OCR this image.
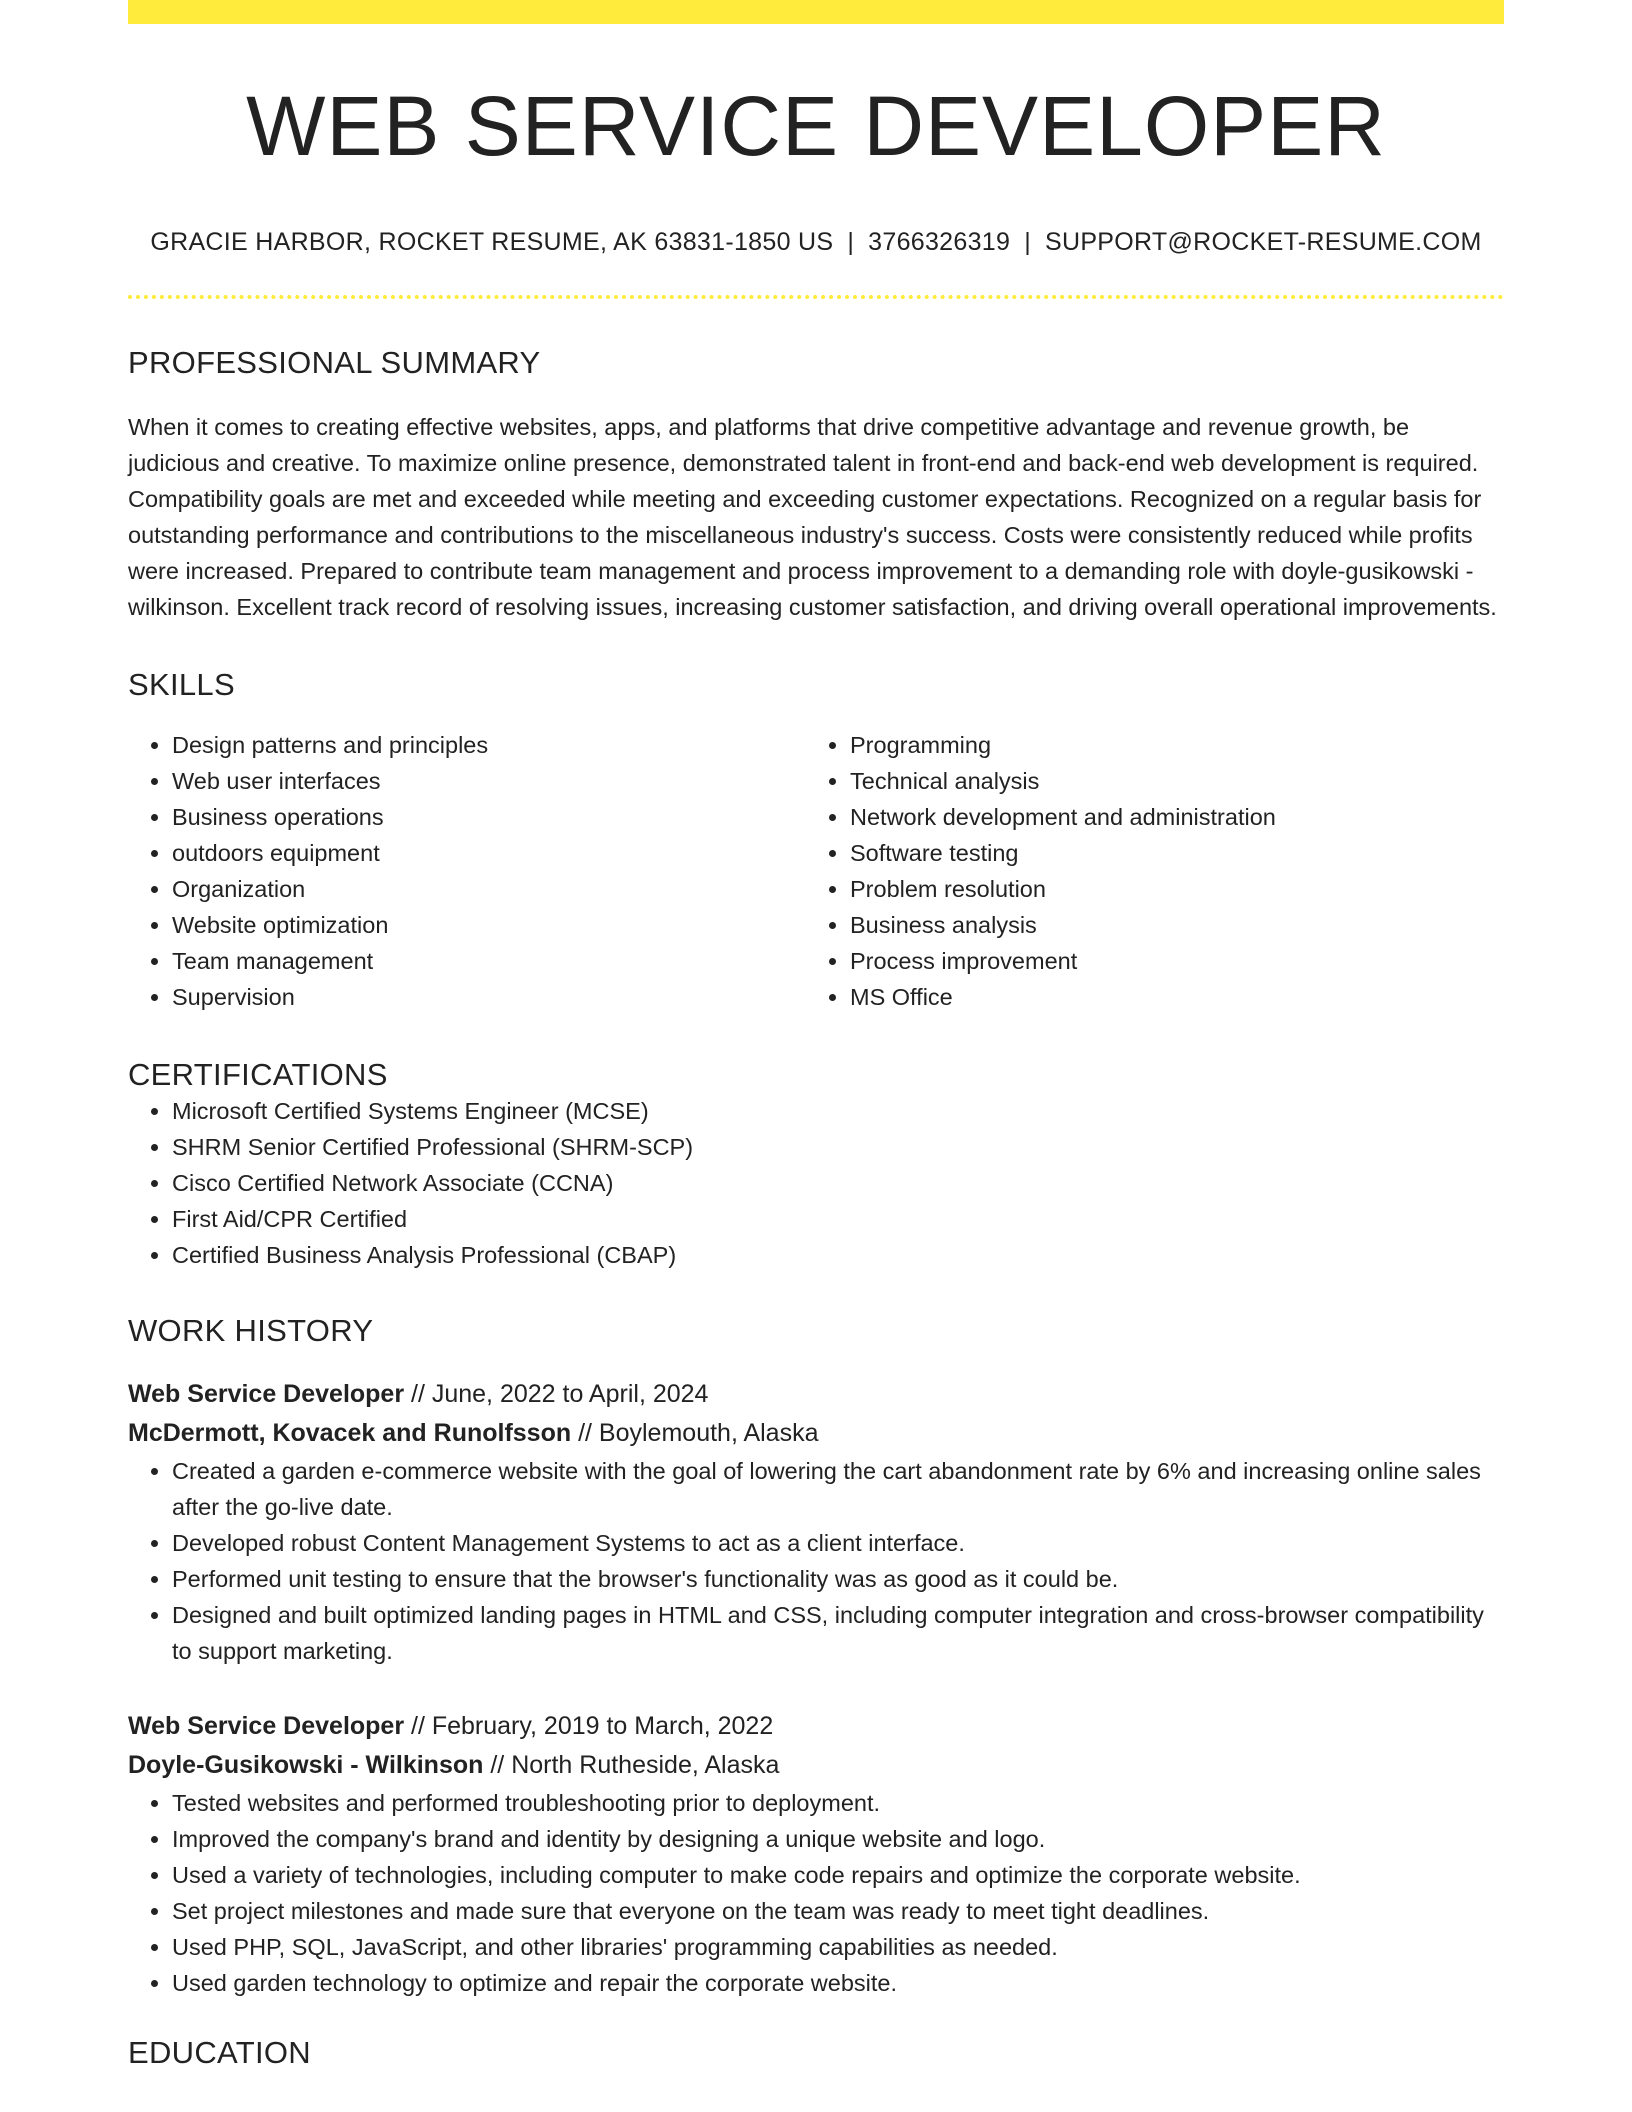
WEB SERVICE DEVELOPER
GRACIE HARBOR, ROCKET RESUME, AK 63831-1850 US | 3766326319 | SUPPORT@ROCKET-RESUME.COM
PROFESSIONAL SUMMARY

When it comes to creating effective websites, apps, and platforms that drive competitive advantage and revenue growth, be judicious and creative. To maximize online presence, demonstrated talent in front-end and back-end web development is required. Compatibility goals are met and exceeded while meeting and exceeding customer expectations. Recognized on a regular basis for outstanding performance and contributions to the miscellaneous industry's success. Costs were consistently reduced while profits were increased. Prepared to contribute team management and process improvement to a demanding role with doyle-gusikowski - wilkinson. Excellent track record of resolving issues, increasing customer satisfaction, and driving overall operational improvements.

SKILLS
• Design patterns and principles
• Web user interfaces
• Business operations
• outdoors equipment
• Organization
• Website optimization
• Team management
• Supervision
• Programming
• Technical analysis
• Network development and administration
• Software testing
• Problem resolution
• Business analysis
• Process improvement
• MS Office
CERTIFICATIONS
• Microsoft Certified Systems Engineer (MCSE)
• SHRM Senior Certified Professional (SHRM-SCP)
• Cisco Certified Network Associate (CCNA)
• First Aid/CPR Certified
• Certified Business Analysis Professional (CBAP)
WORK HISTORY
Web Service Developer // June, 2022 to April, 2024
McDermott, Kovacek and Runolfsson // Boylemouth, Alaska
• Created a garden e-commerce website with the goal of lowering the cart abandonment rate by 6% and increasing online sales after the go-live date.
• Developed robust Content Management Systems to act as a client interface.
• Performed unit testing to ensure that the browser's functionality was as good as it could be.
• Designed and built optimized landing pages in HTML and CSS, including computer integration and cross-browser compatibility to support marketing.
Web Service Developer // February, 2019 to March, 2022
Doyle-Gusikowski - Wilkinson // North Rutheside, Alaska
• Tested websites and performed troubleshooting prior to deployment.
• Improved the company's brand and identity by designing a unique website and logo.
• Used a variety of technologies, including computer to make code repairs and optimize the corporate website.
• Set project milestones and made sure that everyone on the team was ready to meet tight deadlines.
• Used PHP, SQL, JavaScript, and other libraries' programming capabilities as needed.
• Used garden technology to optimize and repair the corporate website.
EDUCATION
